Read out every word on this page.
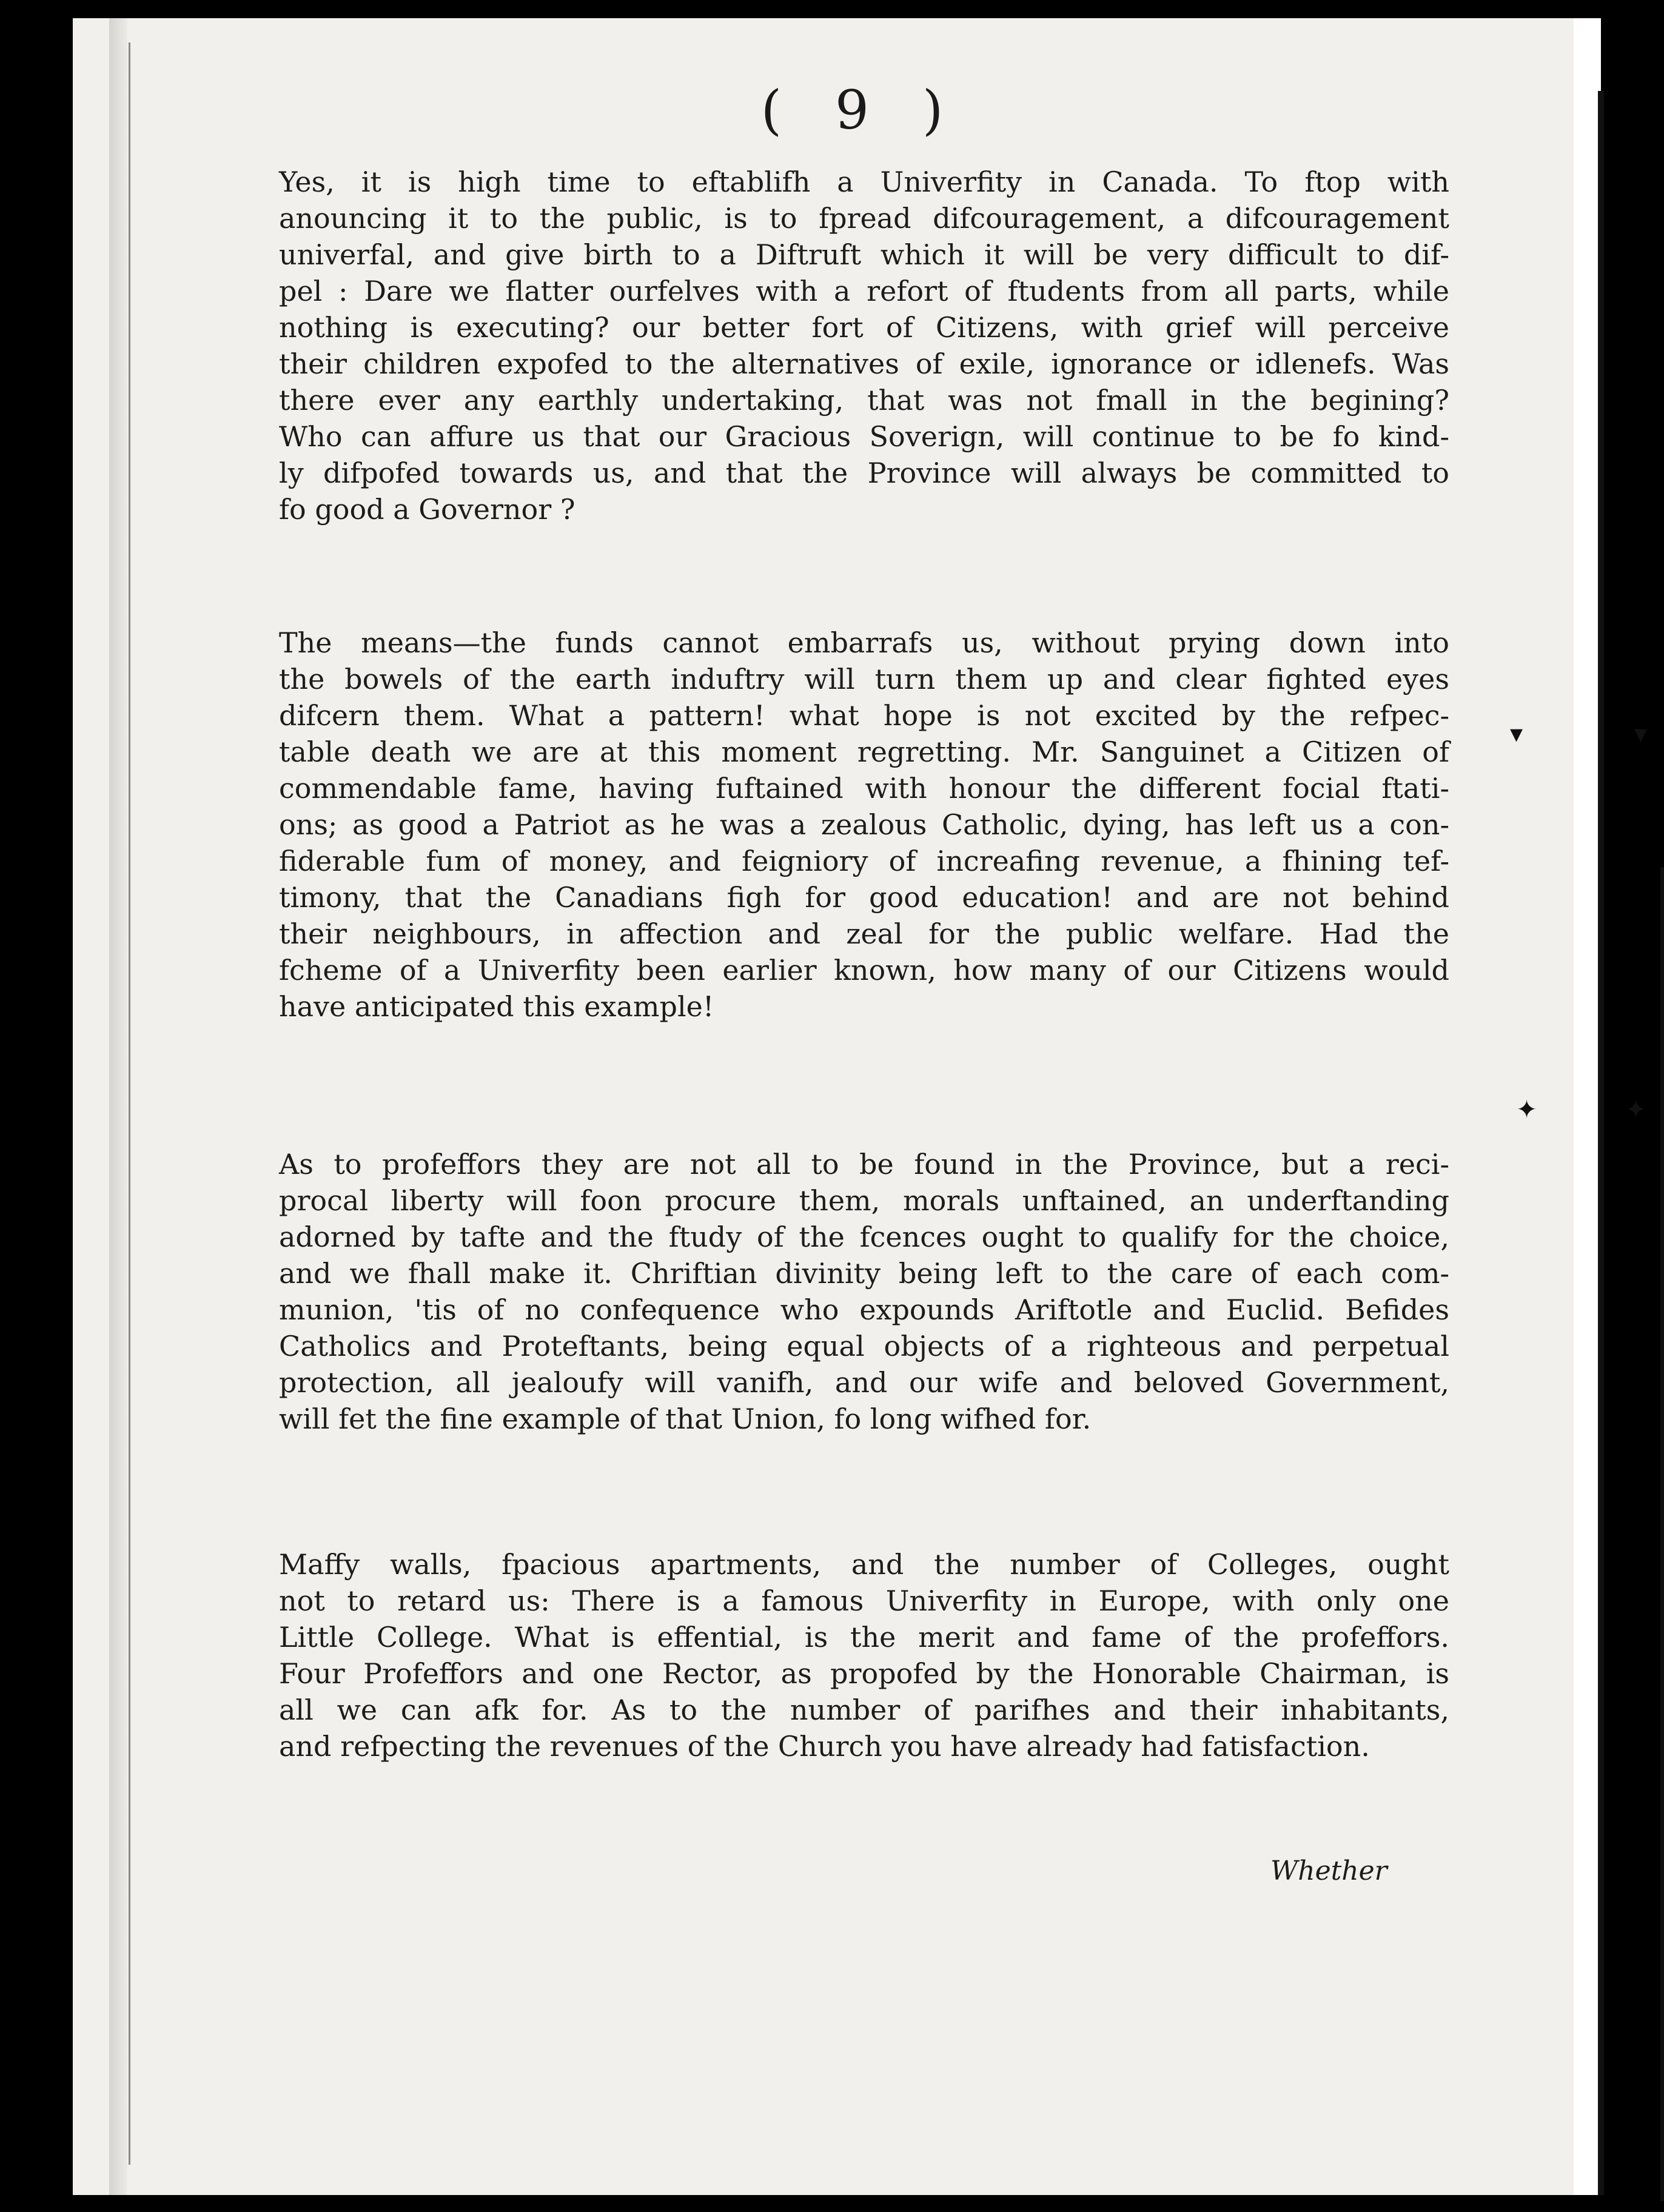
▾	▾
✦	✦
( 9 )
Yes, it is high time to eftablifh a Univerfity in Canada. To ftop with
anouncing it to the public, is to fpread difcouragement, a difcouragement
univerfal, and give birth to a Diftruft which it will be very difficult to dif-
pel : Dare we flatter ourfelves with a refort of ftudents from all parts, while
nothing is executing? our better fort of Citizens, with grief will perceive
their children expofed to the alternatives of exile, ignorance or idlenefs. Was
there ever any earthly undertaking, that was not fmall in the begining?
Who can affure us that our Gracious Soverign, will continue to be fo kind-
ly difpofed towards us, and that the Province will always be committed to
fo good a Governor ?
The means—the funds cannot embarrafs us, without prying down into
the bowels of the earth induftry will turn them up and clear fighted eyes
difcern them. What a pattern! what hope is not excited by the refpec-
table death we are at this moment regretting. Mr. Sanguinet a Citizen of
commendable fame, having fuftained with honour the different focial ftati-
ons; as good a Patriot as he was a zealous Catholic, dying, has left us a con-
fiderable fum of money, and feigniory of increafing revenue, a fhining tef-
timony, that the Canadians figh for good education! and are not behind
their neighbours, in affection and zeal for the public welfare. Had the
fcheme of a Univerfity been earlier known, how many of our Citizens would
have anticipated this example!
As to profeffors they are not all to be found in the Province, but a reci-
procal liberty will foon procure them, morals unftained, an underftanding
adorned by tafte and the ftudy of the fcences ought to qualify for the choice,
and we fhall make it. Chriftian divinity being left to the care of each com-
munion, 'tis of no confequence who expounds Ariftotle and Euclid. Befides
Catholics and Proteftants, being equal objects of a righteous and perpetual
protection, all jealoufy will vanifh, and our wife and beloved Government,
will fet the fine example of that Union, fo long wifhed for.
Maffy walls, fpacious apartments, and the number of Colleges, ought
not to retard us: There is a famous Univerfity in Europe, with only one
Little College. What is effential, is the merit and fame of the profeffors.
Four Profeffors and one Rector, as propofed by the Honorable Chairman, is
all we can afk for. As to the number of parifhes and their inhabitants,
and refpecting the revenues of the Church you have already had fatisfaction.
Whether
